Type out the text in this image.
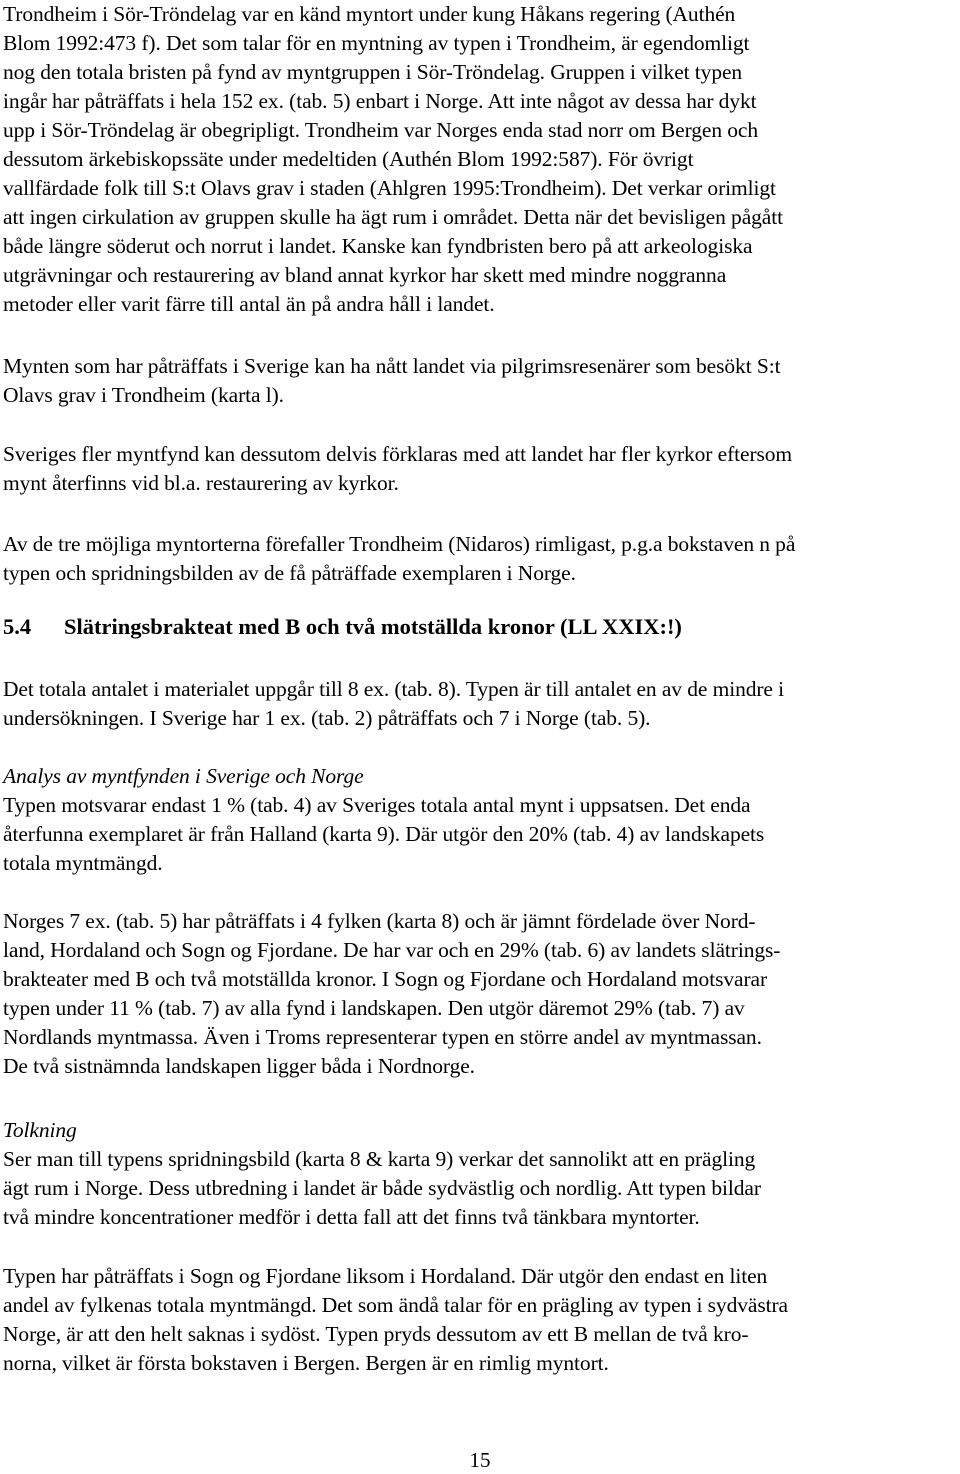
Trondheim i Sör-Tröndelag var en känd myntort under kung Håkans regering (Authén
Blom 1992:473 f). Det som talar för en myntning av typen i Trondheim, är egendomligt
nog den totala bristen på fynd av myntgruppen i Sör-Tröndelag. Gruppen i vilket typen
ingår har påträffats i hela 152 ex. (tab. 5) enbart i Norge. Att inte något av dessa har dykt
upp i Sör-Tröndelag är obegripligt. Trondheim var Norges enda stad norr om Bergen och
dessutom ärkebiskopssäte under medeltiden (Authén Blom 1992:587). För övrigt
vallfärdade folk till S:t Olavs grav i staden (Ahlgren 1995:Trondheim). Det verkar orimligt
att ingen cirkulation av gruppen skulle ha ägt rum i området. Detta när det bevisligen pågått
både längre söderut och norrut i landet. Kanske kan fyndbristen bero på att arkeologiska
utgrävningar och restaurering av bland annat kyrkor har skett med mindre noggranna
metoder eller varit färre till antal än på andra håll i landet.

Mynten som har påträffats i Sverige kan ha nått landet via pilgrimsresenärer som besökt S:t
Olavs grav i Trondheim (karta l).

Sveriges fler myntfynd kan dessutom delvis förklaras med att landet har fler kyrkor eftersom
mynt återfinns vid bl.a. restaurering av kyrkor.

Av de tre möjliga myntorterna förefaller Trondheim (Nidaros) rimligast, p.g.a bokstaven n på
typen och spridningsbilden av de få påträffade exemplaren i Norge.

5.4 Slätringsbrakteat med B och två motställda kronor (LL XXIX:!)

Det totala antalet i materialet uppgår till 8 ex. (tab. 8). Typen är till antalet en av de mindre i
undersökningen. I Sverige har 1 ex. (tab. 2) påträffats och 7 i Norge (tab. 5).

Analys av myntfynden i Sverige och Norge
Typen motsvarar endast 1 % (tab. 4) av Sveriges totala antal mynt i uppsatsen. Det enda
återfunna exemplaret är från Halland (karta 9). Där utgör den 20% (tab. 4) av landskapets
totala myntmängd.

Norges 7 ex. (tab. 5) har påträffats i 4 fylken (karta 8) och är jämnt fördelade över Nord-
land, Hordaland och Sogn og Fjordane. De har var och en 29% (tab. 6) av landets slätrings-
brakteater med B och två motställda kronor. I Sogn og Fjordane och Hordaland motsvarar
typen under 11 % (tab. 7) av alla fynd i landskapen. Den utgör däremot 29% (tab. 7) av
Nordlands myntmassa. Även i Troms representerar typen en större andel av myntmassan.
De två sistnämnda landskapen ligger båda i Nordnorge.

Tolkning
Ser man till typens spridningsbild (karta 8 & karta 9) verkar det sannolikt att en prägling
ägt rum i Norge. Dess utbredning i landet är både sydvästlig och nordlig. Att typen bildar
två mindre koncentrationer medför i detta fall att det finns två tänkbara myntorter.

Typen har påträffats i Sogn og Fjordane liksom i Hordaland. Där utgör den endast en liten
andel av fylkenas totala myntmängd. Det som ändå talar för en prägling av typen i sydvästra
Norge, är att den helt saknas i sydöst. Typen pryds dessutom av ett B mellan de två kro-
norna, vilket är första bokstaven i Bergen. Bergen är en rimlig myntort.

15
